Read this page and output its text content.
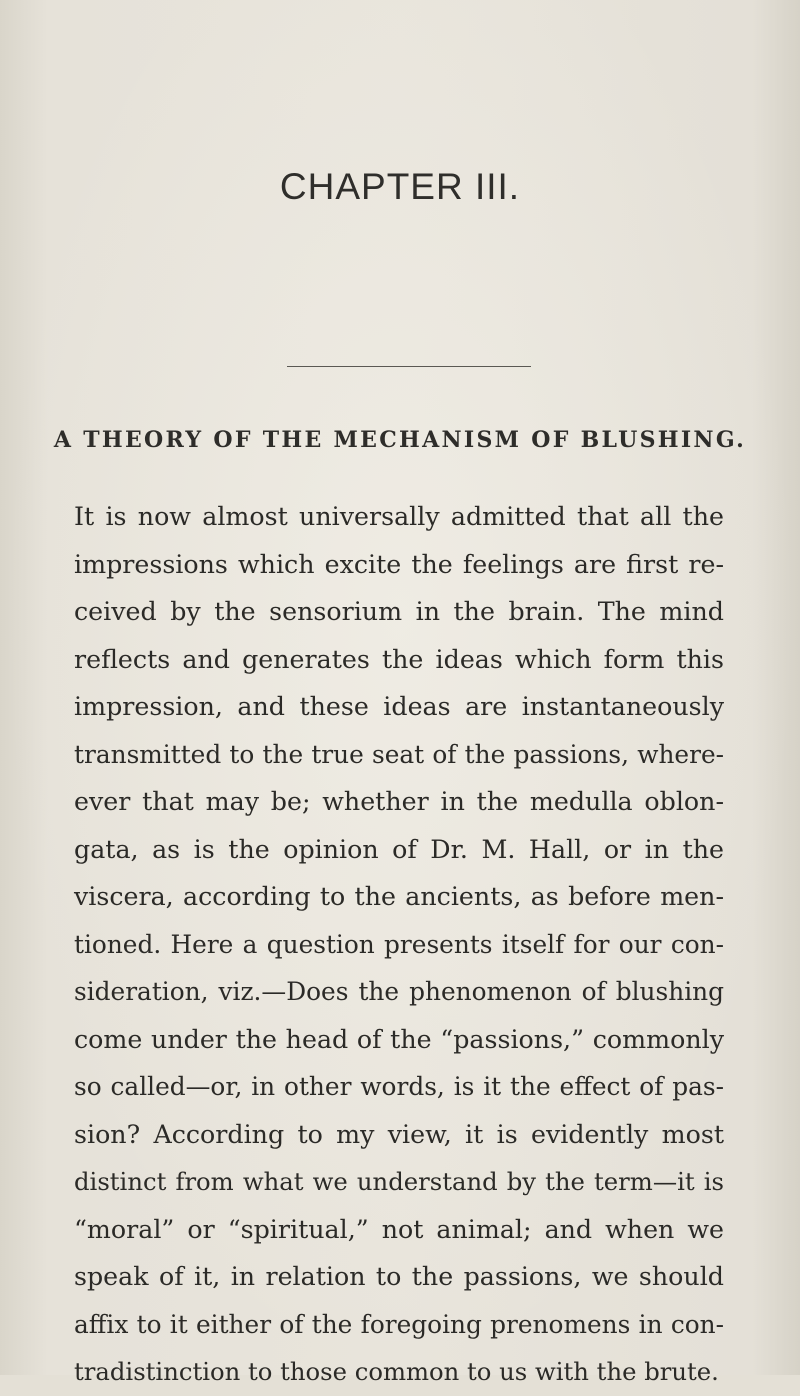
CHAPTER III.
A THEORY OF THE MECHANISM OF BLUSHING.
It is now almost universally admitted that all the
impressions which excite the feelings are first re-
ceived by the sensorium in the brain. The mind
reflects and generates the ideas which form this
impression, and these ideas are instantaneously
transmitted to the true seat of the passions, where-
ever that may be; whether in the medulla oblon-
gata, as is the opinion of Dr. M. Hall, or in the
viscera, according to the ancients, as before men-
tioned. Here a question presents itself for our con-
sideration, viz.—Does the phenomenon of blushing
come under the head of the “passions,” commonly
so called—or, in other words, is it the effect of pas-
sion? According to my view, it is evidently most
distinct from what we understand by the term—it is
“moral” or “spiritual,” not animal; and when we
speak of it, in relation to the passions, we should
affix to it either of the foregoing prenomens in con-
tradistinction to those common to us with the brute.
